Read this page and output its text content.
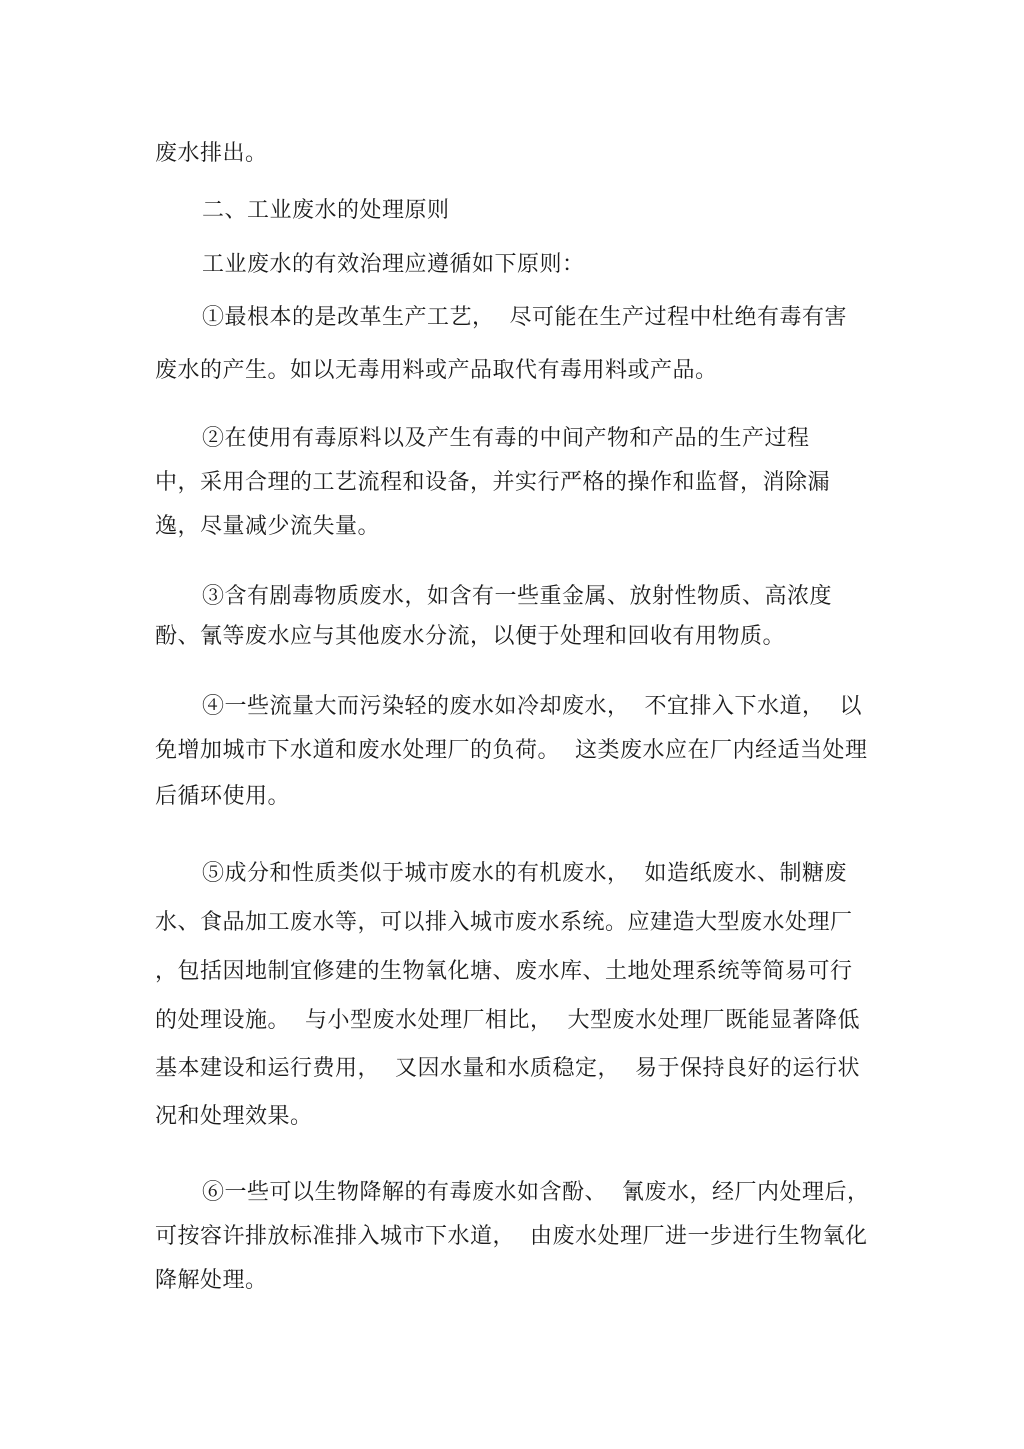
废水排出。

二、工业废水的处理原则

工业废水的有效治理应遵循如下原则：

①最根本的是改革生产工艺，  尽可能在生产过程中杜绝有毒有害

废水的产生。如以无毒用料或产品取代有毒用料或产品。

②在使用有毒原料以及产生有毒的中间产物和产品的生产过程

中，采用合理的工艺流程和设备，并实行严格的操作和监督，消除漏

逸，尽量减少流失量。

③含有剧毒物质废水，如含有一些重金属、放射性物质、高浓度

酚、氰等废水应与其他废水分流，以便于处理和回收有用物质。

④一些流量大而污染轻的废水如冷却废水，  不宜排入下水道，  以

免增加城市下水道和废水处理厂的负荷。  这类废水应在厂内经适当处理

后循环使用。

⑤成分和性质类似于城市废水的有机废水，  如造纸废水、制糖废

水、食品加工废水等，可以排入城市废水系统。应建造大型废水处理厂

，包括因地制宜修建的生物氧化塘、废水库、土地处理系统等简易可行

的处理设施。  与小型废水处理厂相比，  大型废水处理厂既能显著降低

基本建设和运行费用，  又因水量和水质稳定，  易于保持良好的运行状

况和处理效果。

⑥一些可以生物降解的有毒废水如含酚、  氰废水，经厂内处理后，

可按容许排放标准排入城市下水道，  由废水处理厂进一步进行生物氧化

降解处理。
